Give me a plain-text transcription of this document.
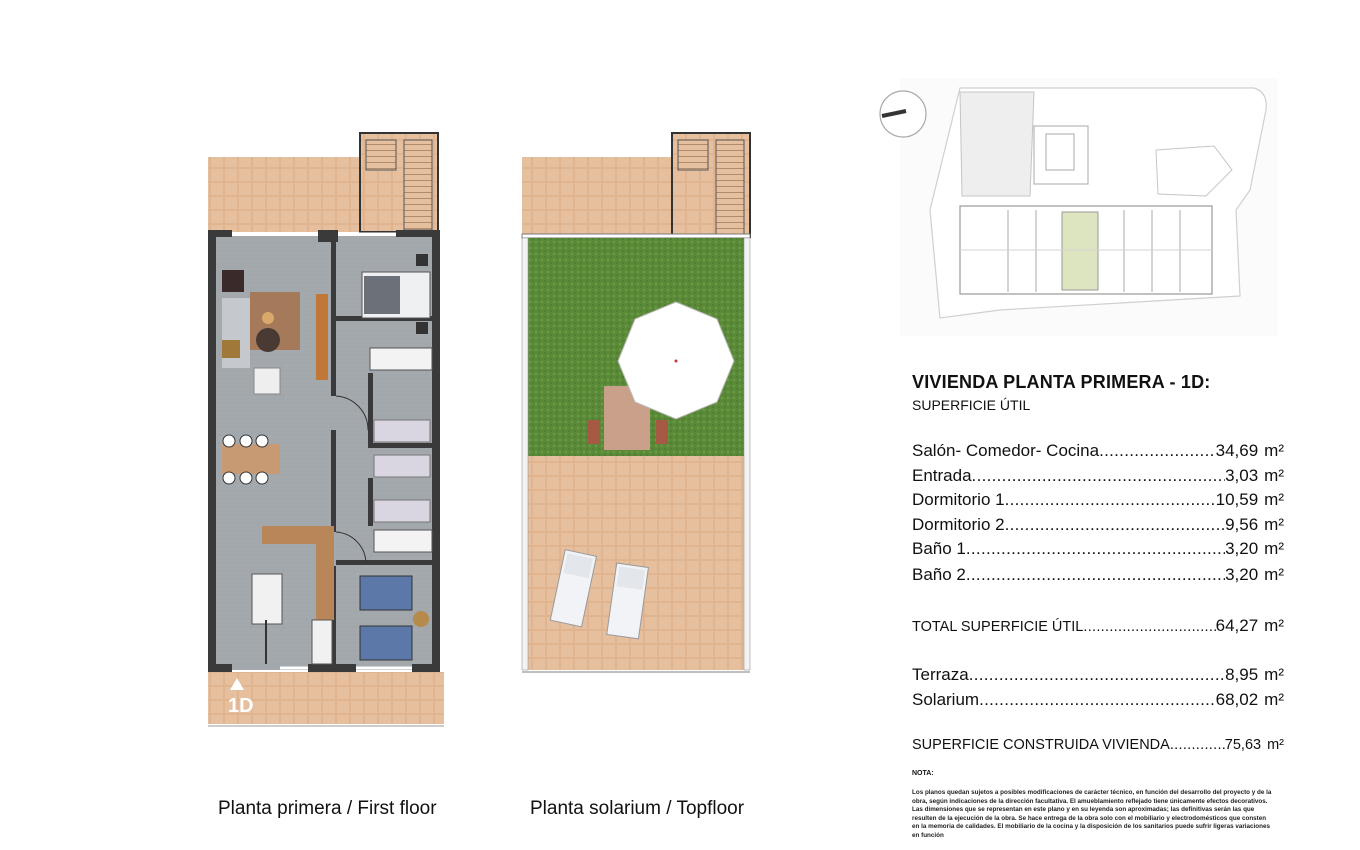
1D
Planta primera / First floor	Planta solarium / Topfloor
VIVIENDA PLANTA PRIMERA - 1D:
SUPERFICIE ÚTIL
Salón- Comedor- Cocina .....	34,69 m²
Entrada .....	3,03 m²
Dormitorio 1 .....	10,59 m²
Dormitorio 2 .....	9,56 m²
Baño 1 .....	3,20 m²
Baño 2 .....	3,20 m²
TOTAL SUPERFICIE ÚTIL .....	64,27 m²
Terraza .....	8,95 m²
Solarium .....	68,02 m²
SUPERFICIE CONSTRUIDA VIVIENDA .....	75,63 m²
NOTA:
Los planos quedan sujetos a posibles modificaciones de carácter técnico, en función del desarrollo del proyecto y de la obra, según indicaciones de la dirección facultativa. El amueblamiento reflejado tiene únicamente efectos decorativos. Las dimensiones que se representan en este plano y en su leyenda son aproximadas; las definitivas serán las que resulten de la ejecución de la obra. Se hace entrega de la obra solo con el mobiliario y electrodomésticos que consten en la memoria de calidades. El mobiliario de la cocina y la disposición de los sanitarios puede sufrir ligeras variaciones en función
